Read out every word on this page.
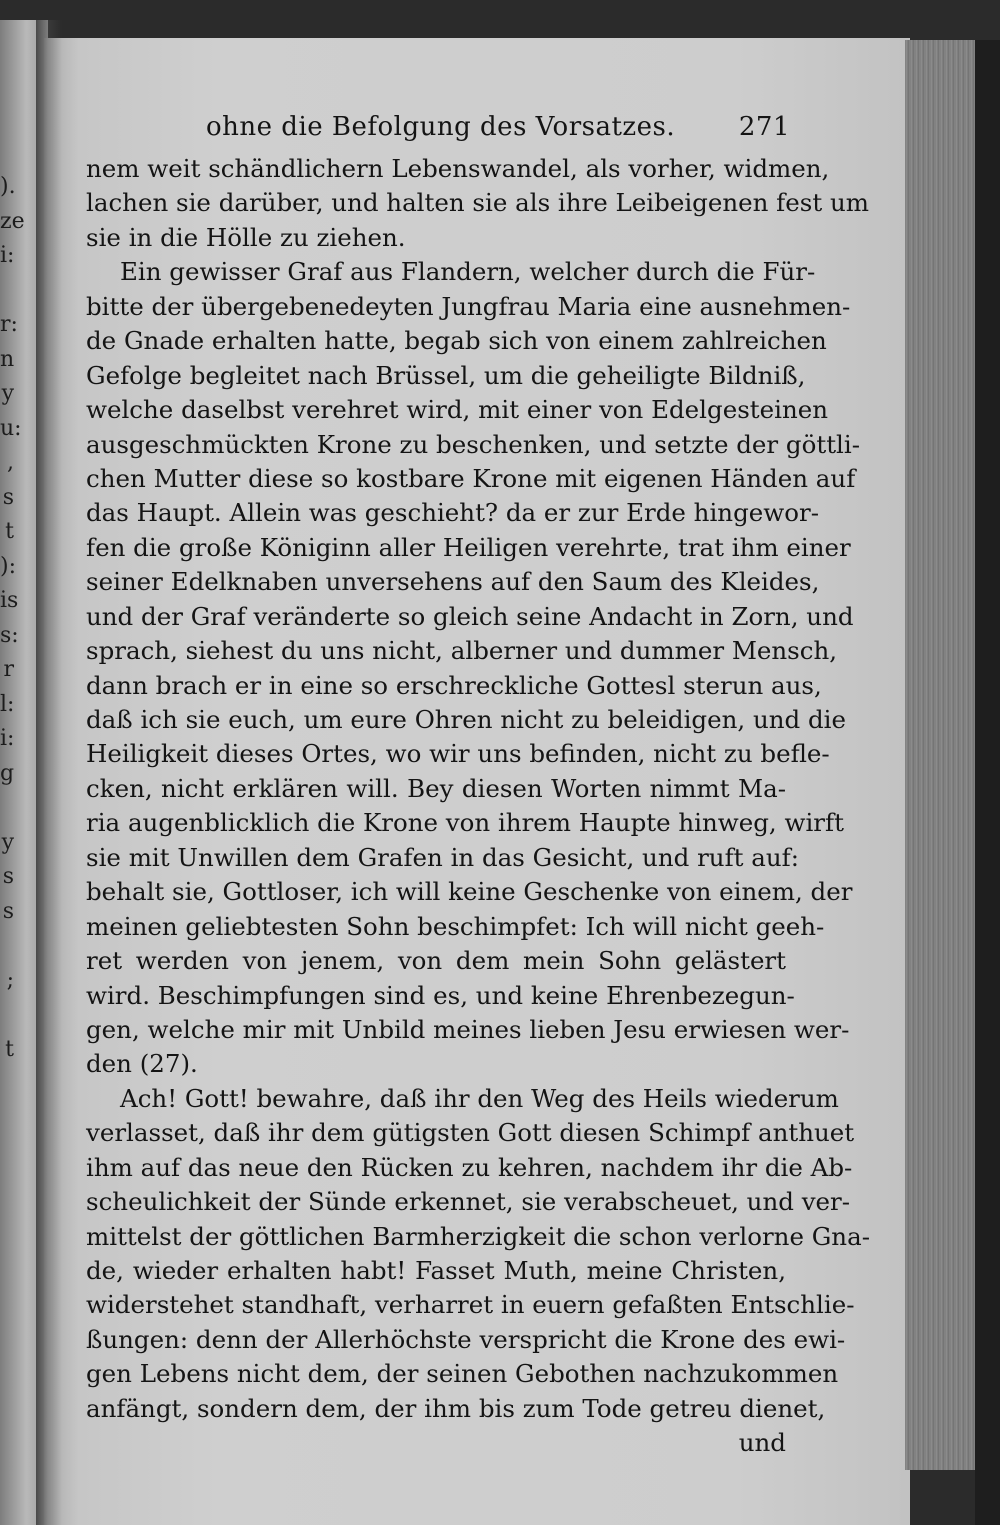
).
ze
i:
r:
n
y
u:
,
s
t
):
is
s:
r
l:
i:
g
y
s
s
;
t
ohne die Befolgung des Vorsatzes. 271
nem weit schändlichern Lebenswandel, als vorher, widmen,
lachen sie darüber, und halten sie als ihre Leibeigenen fest um
sie in die Hölle zu ziehen.
Ein gewisser Graf aus Flandern, welcher durch die Für-
bitte der übergebenedeyten Jungfrau Maria eine ausnehmen-
de Gnade erhalten hatte, begab sich von einem zahlreichen
Gefolge begleitet nach Brüssel, um die geheiligte Bildniß,
welche daselbst verehret wird, mit einer von Edelgesteinen
ausgeschmückten Krone zu beschenken, und setzte der göttli-
chen Mutter diese so kostbare Krone mit eigenen Händen auf
das Haupt. Allein was geschieht? da er zur Erde hingewor-
fen die große Königinn aller Heiligen verehrte, trat ihm einer
seiner Edelknaben unversehens auf den Saum des Kleides,
und der Graf veränderte so gleich seine Andacht in Zorn, und
sprach, siehest du uns nicht, alberner und dummer Mensch,
dann brach er in eine so erschreckliche Gottesl sterun aus,
daß ich sie euch, um eure Ohren nicht zu beleidigen, und die
Heiligkeit dieses Ortes, wo wir uns befinden, nicht zu befle-
cken, nicht erklären will. Bey diesen Worten nimmt Ma-
ria augenblicklich die Krone von ihrem Haupte hinweg, wirft
sie mit Unwillen dem Grafen in das Gesicht, und ruft auf:
behalt sie, Gottloser, ich will keine Geschenke von einem, der
meinen geliebtesten Sohn beschimpfet: Ich will nicht geeh-
ret werden von jenem, von dem mein Sohn gelästert
wird. Beschimpfungen sind es, und keine Ehrenbezegun-
gen, welche mir mit Unbild meines lieben Jesu erwiesen wer-
den (27).
Ach! Gott! bewahre, daß ihr den Weg des Heils wiederum
verlasset, daß ihr dem gütigsten Gott diesen Schimpf anthuet
ihm auf das neue den Rücken zu kehren, nachdem ihr die Ab-
scheulichkeit der Sünde erkennet, sie verabscheuet, und ver-
mittelst der göttlichen Barmherzigkeit die schon verlorne Gna-
de, wieder erhalten habt! Fasset Muth, meine Christen,
widerstehet standhaft, verharret in euern gefaßten Entschlie-
ßungen: denn der Allerhöchste verspricht die Krone des ewi-
gen Lebens nicht dem, der seinen Gebothen nachzukommen
anfängt, sondern dem, der ihm bis zum Tode getreu dienet,
und
